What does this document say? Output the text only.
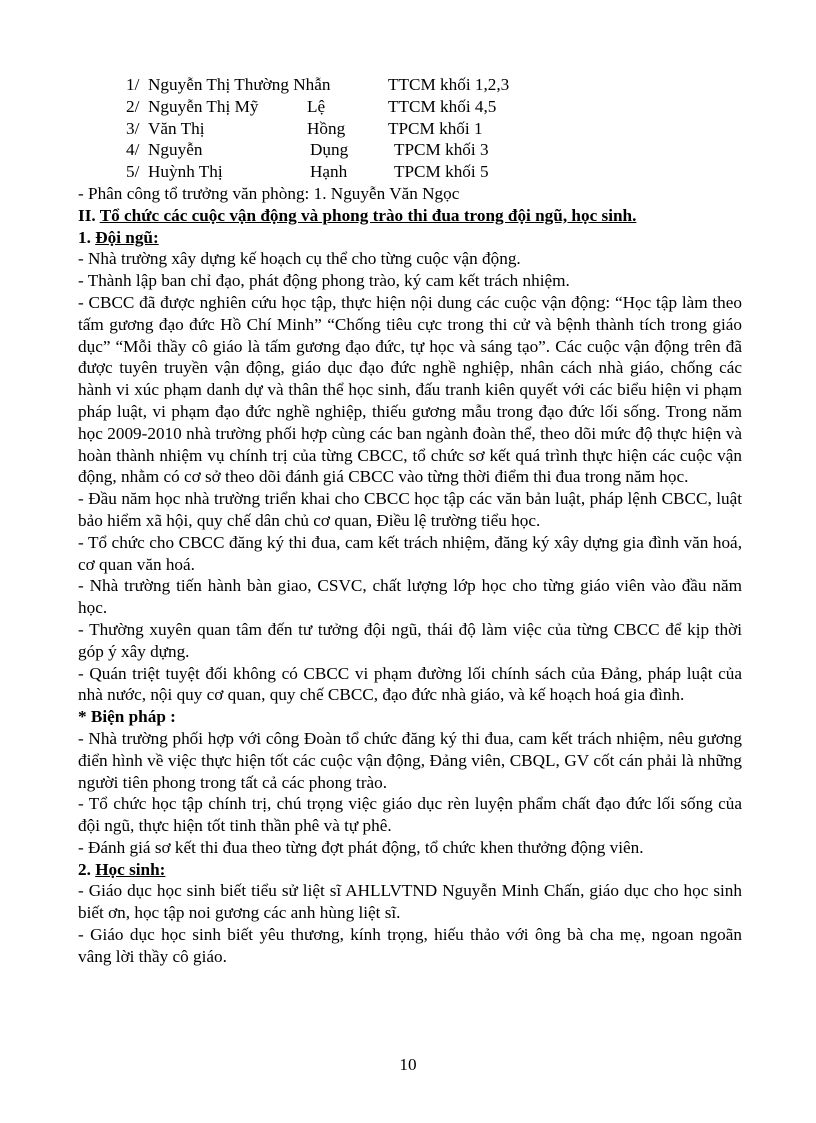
1/ Nguyễn Thị Thường Nhẫn	TTCM khối 1,2,3
2/ Nguyễn Thị Mỹ	Lệ	TTCM khối 4,5
3/ Văn Thị	Hồng TPCM khối 1
4/ Nguyễn	Dụng	TPCM khối 3
5/ Huỳnh Thị	Hạnh	TPCM khối 5

- Phân công tổ trưởng văn phòng: 1. Nguyễn Văn Ngọc

II. Tổ chức các cuộc vận động và phong trào thi đua trong đội ngũ, học sinh.

1. Đội ngũ:

- Nhà trường xây dựng kế hoạch cụ thể cho từng cuộc vận động.

- Thành lập ban chỉ đạo, phát động phong trào, ký cam kết trách nhiệm.

- CBCC đã được nghiên cứu học tập, thực hiện nội dung các cuộc vận động: “Học tập làm theo tấm gương đạo đức Hồ Chí Minh” “Chống tiêu cực trong thi cử và bệnh thành tích trong giáo dục” “Mỗi thầy cô giáo là tấm gương đạo đức, tự học và sáng tạo”. Các cuộc vận động trên đã được tuyên truyền vận động, giáo dục đạo đức nghề nghiệp, nhân cách nhà giáo, chống các hành vi xúc phạm danh dự và thân thể học sinh, đấu tranh kiên quyết với các biểu hiện vi phạm pháp luật, vi phạm đạo đức nghề nghiệp, thiếu gương mẫu trong đạo đức lối sống. Trong năm học 2009-2010 nhà trường phối hợp cùng các ban ngành đoàn thể, theo dõi mức độ thực hiện và hoàn thành nhiệm vụ chính trị của từng CBCC, tổ chức sơ kết quá trình thực hiện các cuộc vận động, nhằm có cơ sở theo dõi đánh giá CBCC vào từng thời điểm thi đua trong năm học.

- Đầu năm học nhà trường triển khai cho CBCC học tập các văn bản luật, pháp lệnh CBCC, luật bảo hiểm xã hội, quy chế dân chủ cơ quan, Điều lệ trường tiểu học.

- Tổ chức cho CBCC đăng ký thi đua, cam kết trách nhiệm, đăng ký xây dựng gia đình văn hoá, cơ quan văn hoá.

- Nhà trường tiến hành bàn giao, CSVC, chất lượng lớp học cho từng giáo viên vào đầu năm học.

- Thường xuyên quan tâm đến tư tưởng đội ngũ, thái độ làm việc của từng CBCC để kịp thời góp ý xây dựng.

- Quán triệt tuyệt đối không có CBCC vi phạm đường lối chính sách của Đảng, pháp luật của nhà nước, nội quy cơ quan, quy chế CBCC, đạo đức nhà giáo, và kế hoạch hoá gia đình.

* Biện pháp :

- Nhà trường phối hợp với công Đoàn tổ chức đăng ký thi đua, cam kết trách nhiệm, nêu gương điển hình về việc thực hiện tốt các cuộc vận động, Đảng viên, CBQL, GV cốt cán phải là những người tiên phong trong tất cả các phong trào.

- Tổ chức học tập chính trị, chú trọng việc giáo dục rèn luyện phẩm chất đạo đức lối sống của đội ngũ, thực hiện tốt tinh thần phê và tự phê.

- Đánh giá sơ kết thi đua theo từng đợt phát động, tổ chức khen thưởng động viên.

2. Học sinh:

- Giáo dục học sinh biết tiểu sử liệt sĩ AHLLVTND Nguyễn Minh Chấn, giáo dục cho học sinh biết ơn, học tập noi gương các anh hùng liệt sĩ.

- Giáo dục học sinh biết yêu thương, kính trọng, hiếu thảo với ông bà cha mẹ, ngoan ngoãn vâng lời thầy cô giáo.

10
